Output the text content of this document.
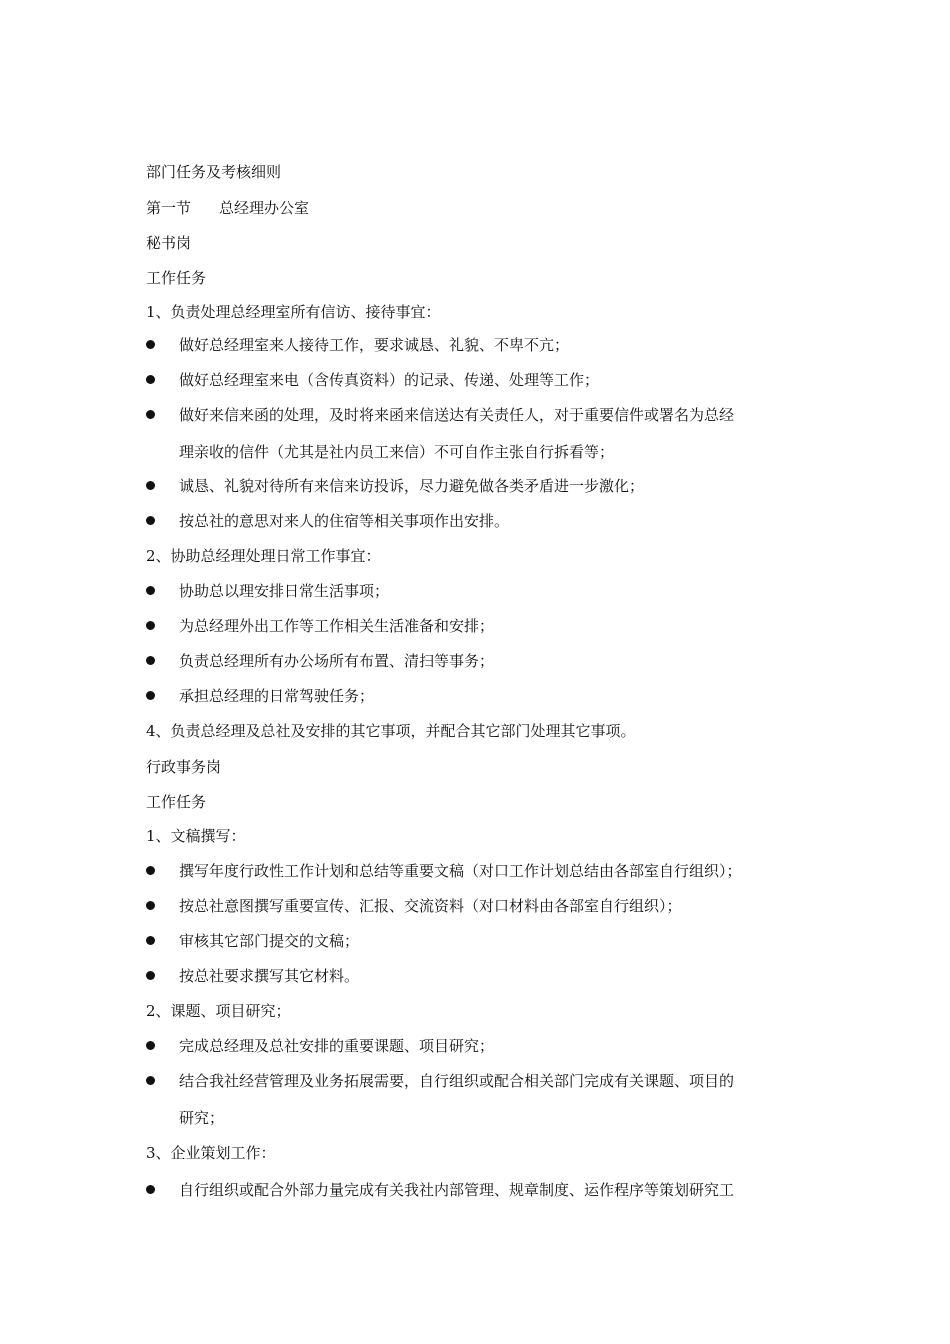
部门任务及考核细则
第一节 总经理办公室
秘书岗
工作任务
1、负责处理总经理室所有信访、接待事宜：
做好总经理室来人接待工作，要求诚恳、礼貌、不卑不亢；
做好总经理室来电（含传真资料）的记录、传递、处理等工作；
做好来信来函的处理，及时将来函来信送达有关责任人，对于重要信件或署名为总经
理亲收的信件（尤其是社内员工来信）不可自作主张自行拆看等；
诚恳、礼貌对待所有来信来访投诉，尽力避免做各类矛盾进一步激化；
按总社的意思对来人的住宿等相关事项作出安排。
2、协助总经理处理日常工作事宜：
协助总以理安排日常生活事项；
为总经理外出工作等工作相关生活准备和安排；
负责总经理所有办公场所有布置、清扫等事务；
承担总经理的日常驾驶任务；
4、负责总经理及总社及安排的其它事项，并配合其它部门处理其它事项。
行政事务岗
工作任务
1、文稿撰写：
撰写年度行政性工作计划和总结等重要文稿（对口工作计划总结由各部室自行组织）；
按总社意图撰写重要宣传、汇报、交流资料（对口材料由各部室自行组织）；
审核其它部门提交的文稿；
按总社要求撰写其它材料。
2、课题、项目研究；
完成总经理及总社安排的重要课题、项目研究；
结合我社经营管理及业务拓展需要，自行组织或配合相关部门完成有关课题、项目的
研究；
3、企业策划工作：
自行组织或配合外部力量完成有关我社内部管理、规章制度、运作程序等策划研究工
